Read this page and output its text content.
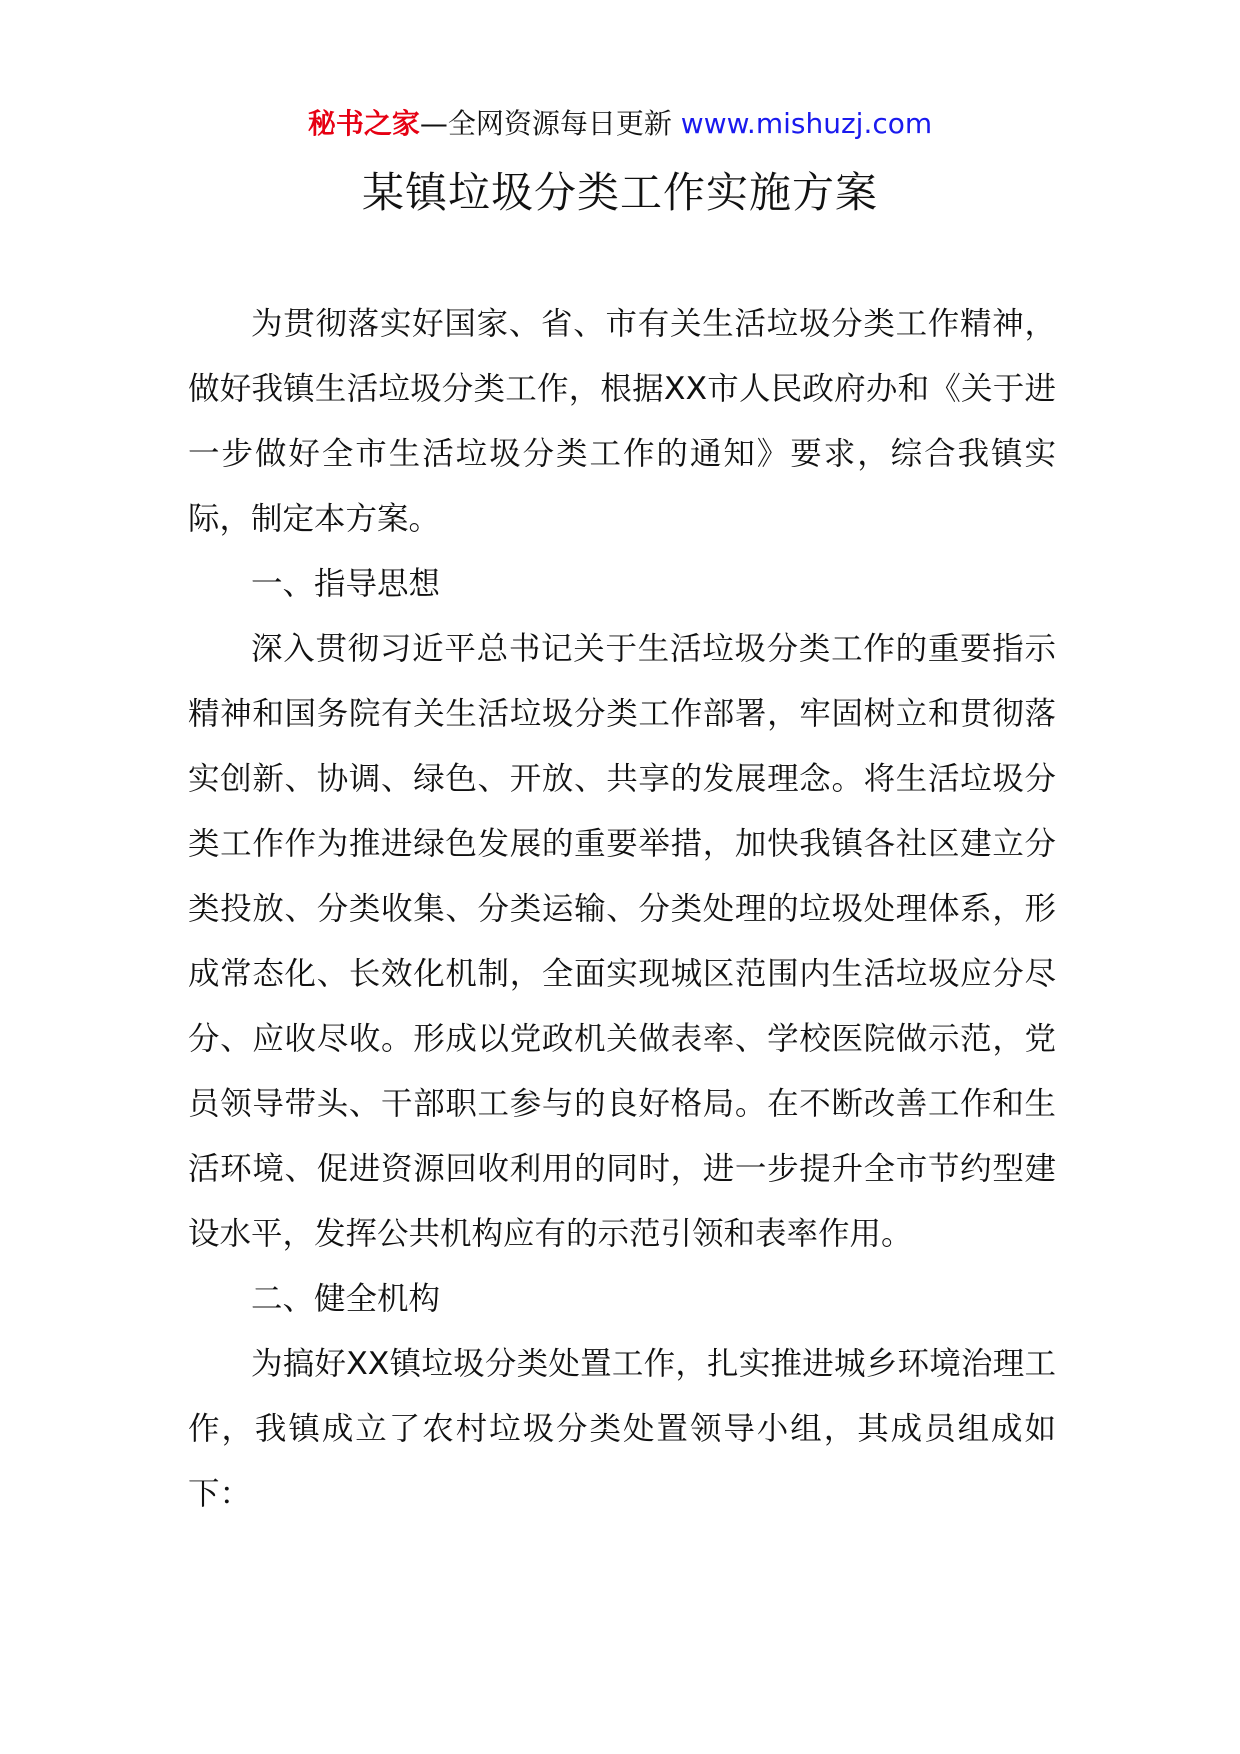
秘书之家—全网资源每日更新 www.mishuzj.com
某镇垃圾分类工作实施方案

为贯彻落实好国家、省、市有关生活垃圾分类工作精神，做好我镇生活垃圾分类工作，根据XX市人民政府办和《关于进一步做好全市生活垃圾分类工作的通知》要求，综合我镇实际，制定本方案。

一、指导思想

深入贯彻习近平总书记关于生活垃圾分类工作的重要指示精神和国务院有关生活垃圾分类工作部署，牢固树立和贯彻落实创新、协调、绿色、开放、共享的发展理念。将生活垃圾分类工作作为推进绿色发展的重要举措，加快我镇各社区建立分类投放、分类收集、分类运输、分类处理的垃圾处理体系，形成常态化、长效化机制，全面实现城区范围内生活垃圾应分尽分、应收尽收。形成以党政机关做表率、学校医院做示范，党员领导带头、干部职工参与的良好格局。在不断改善工作和生活环境、促进资源回收利用的同时，进一步提升全市节约型建设水平，发挥公共机构应有的示范引领和表率作用。

二、健全机构

为搞好XX镇垃圾分类处置工作，扎实推进城乡环境治理工作，我镇成立了农村垃圾分类处置领导小组，其成员组成如下：
